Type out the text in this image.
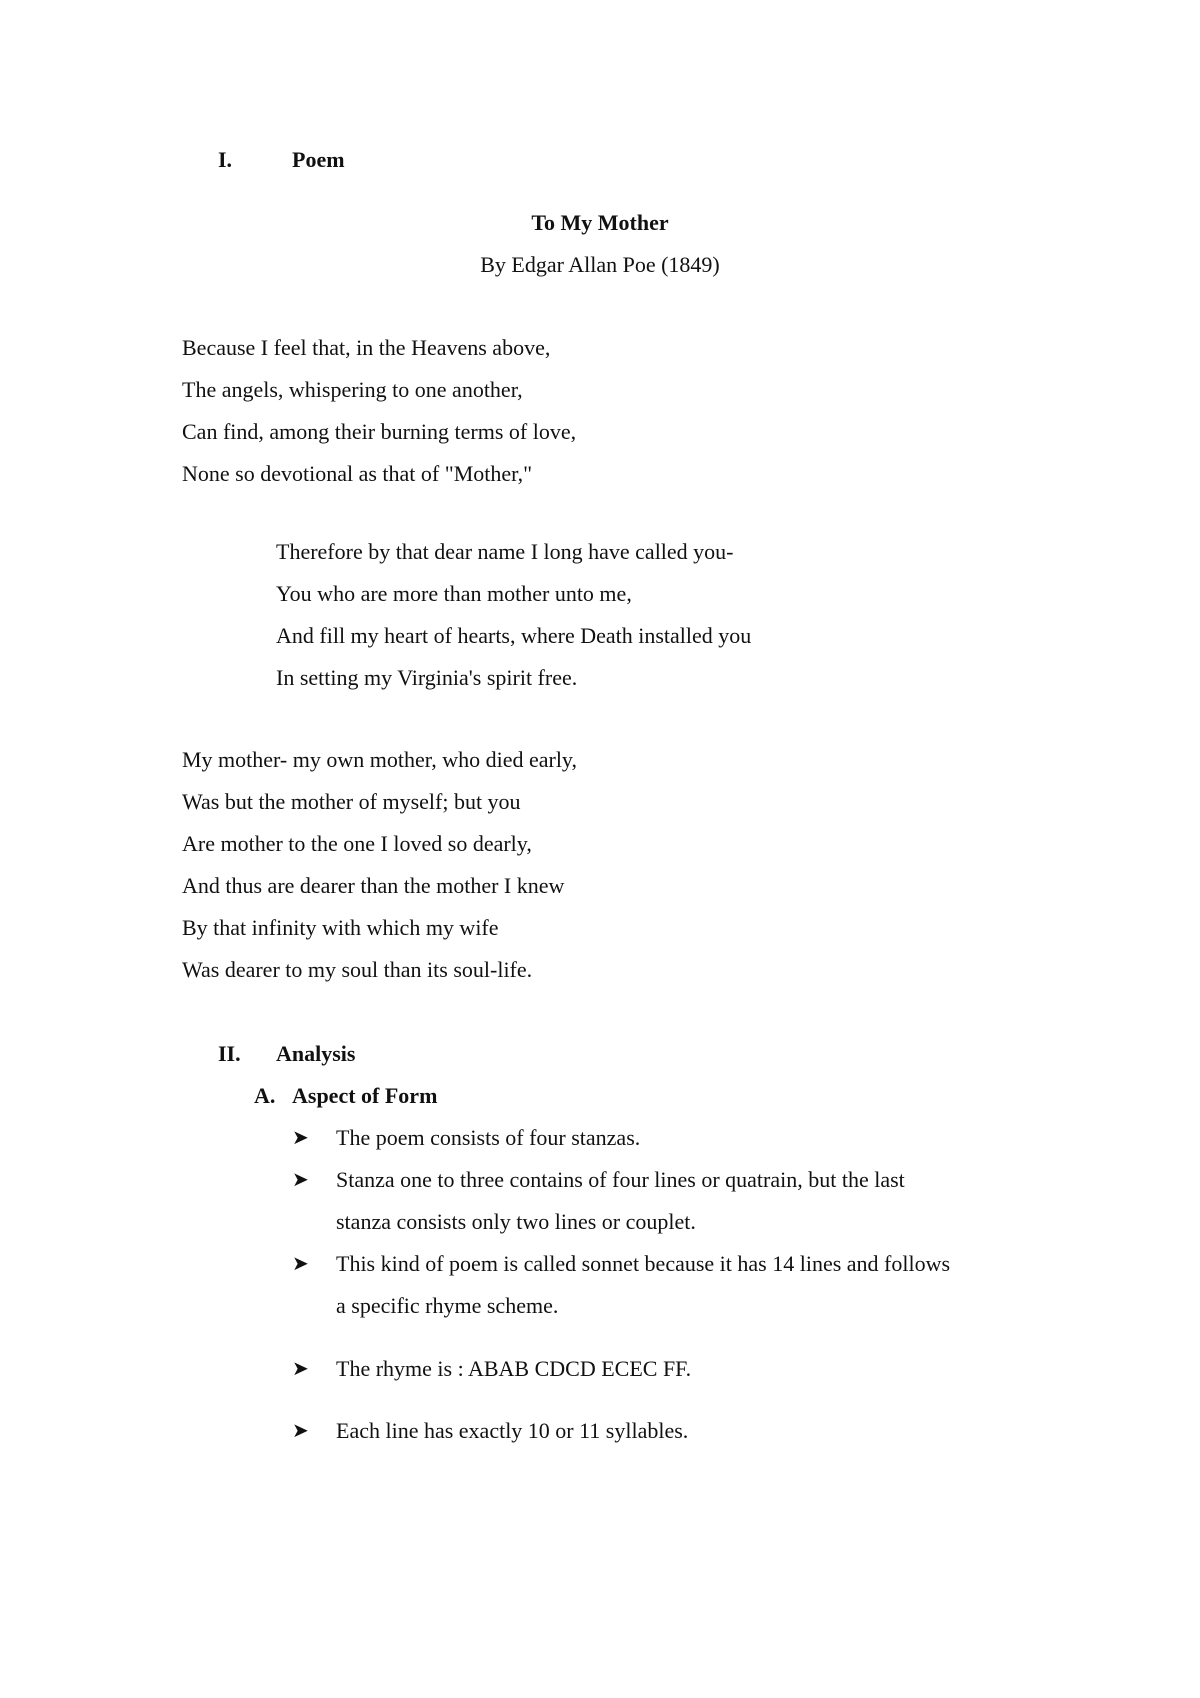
I.	Poem
To My Mother
By Edgar Allan Poe (1849)
Because I feel that, in the Heavens above,
The angels, whispering to one another,
Can find, among their burning terms of love,
None so devotional as that of "Mother,"
Therefore by that dear name I long have called you-
You who are more than mother unto me,
And fill my heart of hearts, where Death installed you
In setting my Virginia's spirit free.
My mother- my own mother, who died early,
Was but the mother of myself; but you
Are mother to the one I loved so dearly,
And thus are dearer than the mother I knew
By that infinity with which my wife
Was dearer to my soul than its soul-life.
II. Analysis
A. Aspect of Form
➤ The poem consists of four stanzas.
➤ Stanza one to three contains of four lines or quatrain, but the last
stanza consists only two lines or couplet.
➤ This kind of poem is called sonnet because it has 14 lines and follows
a specific rhyme scheme.
➤ The rhyme is : ABAB CDCD ECEC FF.
➤ Each line has exactly 10 or 11 syllables.
